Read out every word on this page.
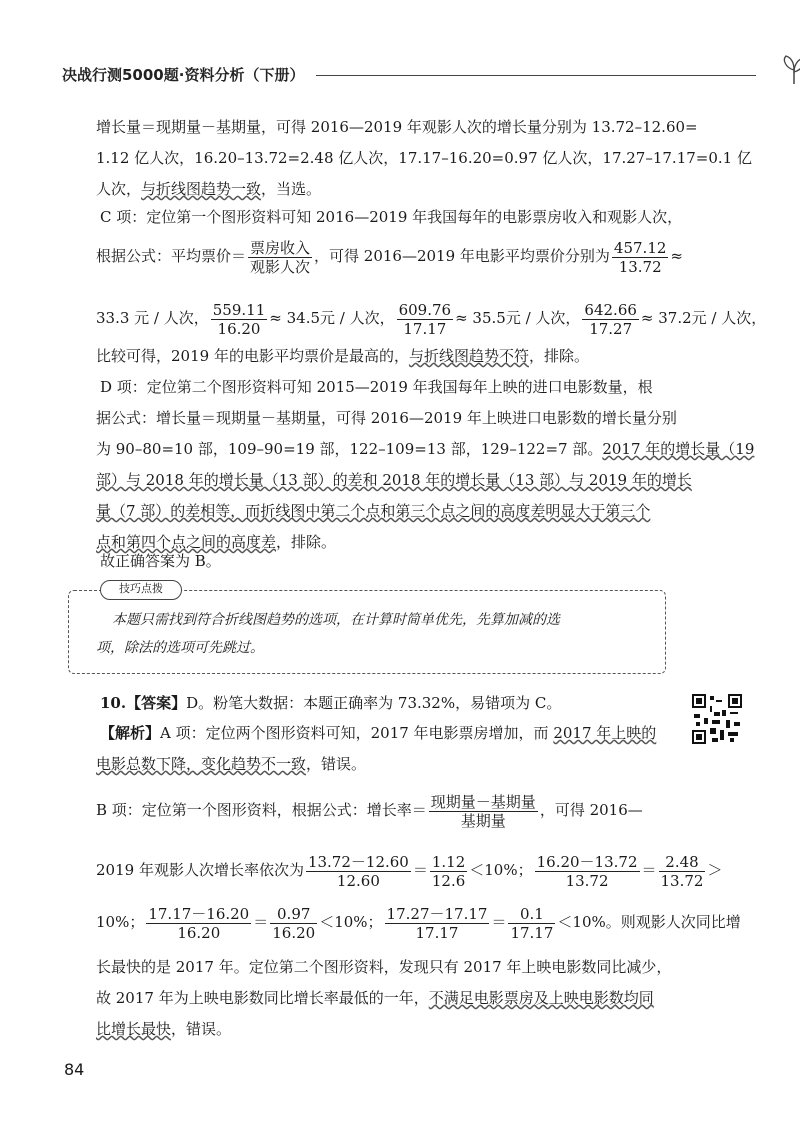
决战行测5000题·资料分析（下册）
增长量＝现期量－基期量，可得 2016—2019 年观影人次的增长量分别为 13.72–12.60=
1.12 亿人次，16.20–13.72=2.48 亿人次，17.17–16.20=0.97 亿人次，17.27–17.17=0.1 亿
人次，与折线图趋势一致，当选。
C 项：定位第一个图形资料可知 2016—2019 年我国每年的电影票房收入和观影人次，
根据公式：平均票价＝ $\frac{\text{票房收入}}{\text{观影人次}}$ ，可得 2016—2019 年电影平均票价分别为 $\frac{457.12}{13.72}$ ≈
33.3 元 / 人次， $\frac{559.11}{16.20} \approx 34.5$元 / 人次， $\frac{609.76}{17.17} \approx 35.5$元 / 人次， $\frac{642.66}{17.27} \approx 37.2$元 / 人次，
比较可得，2019 年的电影平均票价是最高的，与折线图趋势不符，排除。
D 项：定位第二个图形资料可知 2015—2019 年我国每年上映的进口电影数量，根
据公式：增长量＝现期量－基期量，可得 2016—2019 年上映进口电影数的增长量分别
为 90–80=10 部，109–90=19 部，122–109=13 部，129–122=7 部。2017 年的增长量（19
部）与 2018 年的增长量（13 部）的差和 2018 年的增长量（13 部）与 2019 年的增长
量（7 部）的差相等，而折线图中第二个点和第三个点之间的高度差明显大于第三个
点和第四个点之间的高度差，排除。
故正确答案为 B。
技巧点拨
本题只需找到符合折线图趋势的选项，在计算时简单优先，先算加减的选
项，除法的选项可先跳过。
10.【答案】D。粉笔大数据：本题正确率为 73.32%，易错项为 C。
【解析】A 项：定位两个图形资料可知，2017 年电影票房增加，而 2017 年上映的
电影总数下降，变化趋势不一致，错误。
B 项：定位第一个图形资料，根据公式：增长率＝ $\frac{\text{现期量－基期量}}{\text{基期量}}$ ，可得 2016—
2019 年观影人次增长率依次为 $\frac{13.72-12.60}{12.60} = \frac{1.12}{12.6} <10\%$； $\frac{16.20-13.72}{13.72} = \frac{2.48}{13.72}$ ＞
10%； $\frac{17.17-16.20}{16.20} = \frac{0.97}{16.20} <10\%$； $\frac{17.27-17.17}{17.17} = \frac{0.1}{17.17} <10\%$。则观影人次同比增
长最快的是 2017 年。定位第二个图形资料，发现只有 2017 年上映电影数同比减少，
故 2017 年为上映电影数同比增长率最低的一年，不满足电影票房及上映电影数均同
比增长最快，错误。
84
